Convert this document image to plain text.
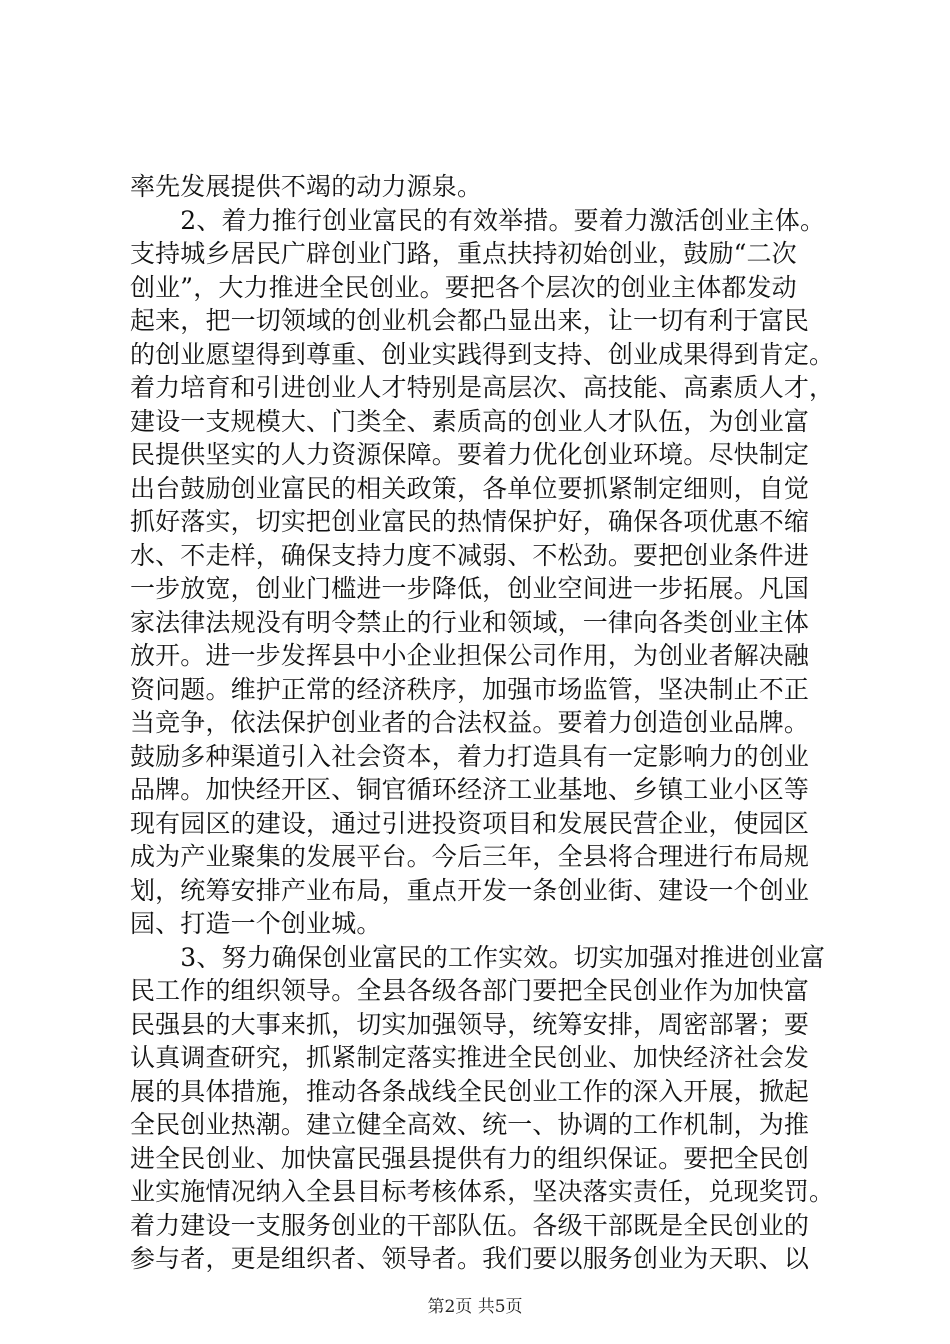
率先发展提供不竭的动力源泉。
　　2、着力推行创业富民的有效举措。要着力激活创业主体。
支持城乡居民广辟创业门路，重点扶持初始创业，鼓励“二次
创业”，大力推进全民创业。要把各个层次的创业主体都发动
起来，把一切领域的创业机会都凸显出来，让一切有利于富民
的创业愿望得到尊重、创业实践得到支持、创业成果得到肯定。
着力培育和引进创业人才特别是高层次、高技能、高素质人才，
建设一支规模大、门类全、素质高的创业人才队伍，为创业富
民提供坚实的人力资源保障。要着力优化创业环境。尽快制定
出台鼓励创业富民的相关政策，各单位要抓紧制定细则，自觉
抓好落实，切实把创业富民的热情保护好，确保各项优惠不缩
水、不走样，确保支持力度不减弱、不松劲。要把创业条件进
一步放宽，创业门槛进一步降低，创业空间进一步拓展。凡国
家法律法规没有明令禁止的行业和领域，一律向各类创业主体
放开。进一步发挥县中小企业担保公司作用，为创业者解决融
资问题。维护正常的经济秩序，加强市场监管，坚决制止不正
当竞争，依法保护创业者的合法权益。要着力创造创业品牌。
鼓励多种渠道引入社会资本，着力打造具有一定影响力的创业
品牌。加快经开区、铜官循环经济工业基地、乡镇工业小区等
现有园区的建设，通过引进投资项目和发展民营企业，使园区
成为产业聚集的发展平台。今后三年，全县将合理进行布局规
划，统筹安排产业布局，重点开发一条创业街、建设一个创业
园、打造一个创业城。
　　3、努力确保创业富民的工作实效。切实加强对推进创业富
民工作的组织领导。全县各级各部门要把全民创业作为加快富
民强县的大事来抓，切实加强领导，统筹安排，周密部署；要
认真调查研究，抓紧制定落实推进全民创业、加快经济社会发
展的具体措施，推动各条战线全民创业工作的深入开展，掀起
全民创业热潮。建立健全高效、统一、协调的工作机制，为推
进全民创业、加快富民强县提供有力的组织保证。要把全民创
业实施情况纳入全县目标考核体系，坚决落实责任，兑现奖罚。
着力建设一支服务创业的干部队伍。各级干部既是全民创业的
参与者，更是组织者、领导者。我们要以服务创业为天职、以
第2页 共5页
